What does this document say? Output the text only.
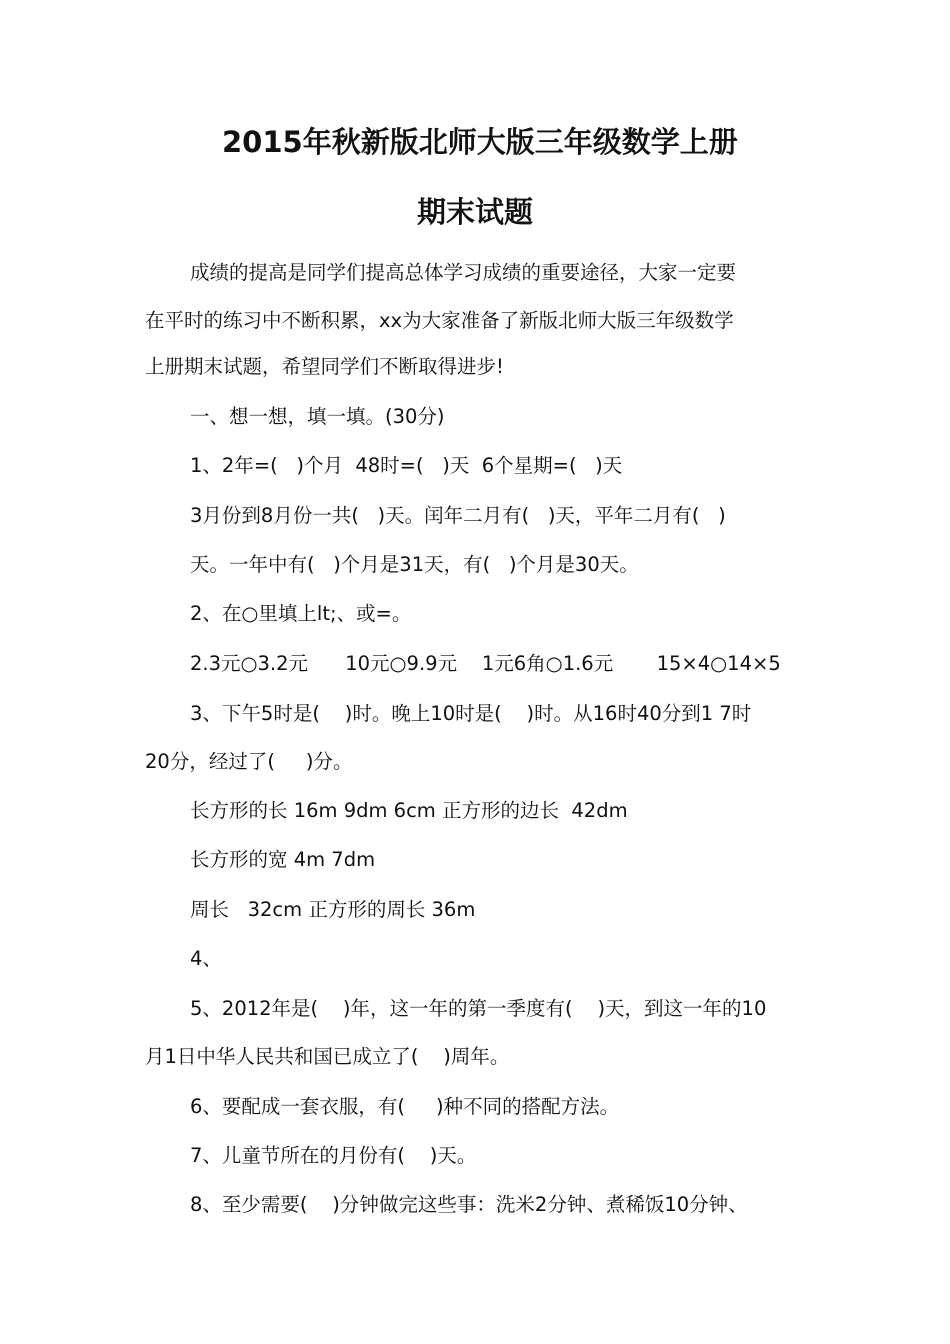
2015年秋新版北师大版三年级数学上册
期末试题
成绩的提高是同学们提高总体学习成绩的重要途径，大家一定要
在平时的练习中不断积累，xx为大家准备了新版北师大版三年级数学
上册期末试题，希望同学们不断取得进步!
一、想一想，填一填。(30分)
1、2年=(   )个月  48时=(   )天  6个星期=(   )天
3月份到8月份一共(   )天。闰年二月有(   )天，平年二月有(   )
天。一年中有(   )个月是31天，有(   )个月是30天。
2、在○里填上lt;、或=。
2.3元○3.2元      10元○9.9元    1元6角○1.6元       15×4○14×5
3、下午5时是(    )时。晚上10时是(    )时。从16时40分到1 7时
20分，经过了(     )分。
长方形的长 16m 9dm 6cm 正方形的边长  42dm
长方形的宽 4m 7dm
周长   32cm 正方形的周长 36m
4、
5、2012年是(    )年，这一年的第一季度有(    )天，到这一年的10
月1日中华人民共和国已成立了(    )周年。
6、要配成一套衣服，有(     )种不同的搭配方法。
7、儿童节所在的月份有(    )天。
8、至少需要(    )分钟做完这些事：洗米2分钟、煮稀饭10分钟、
